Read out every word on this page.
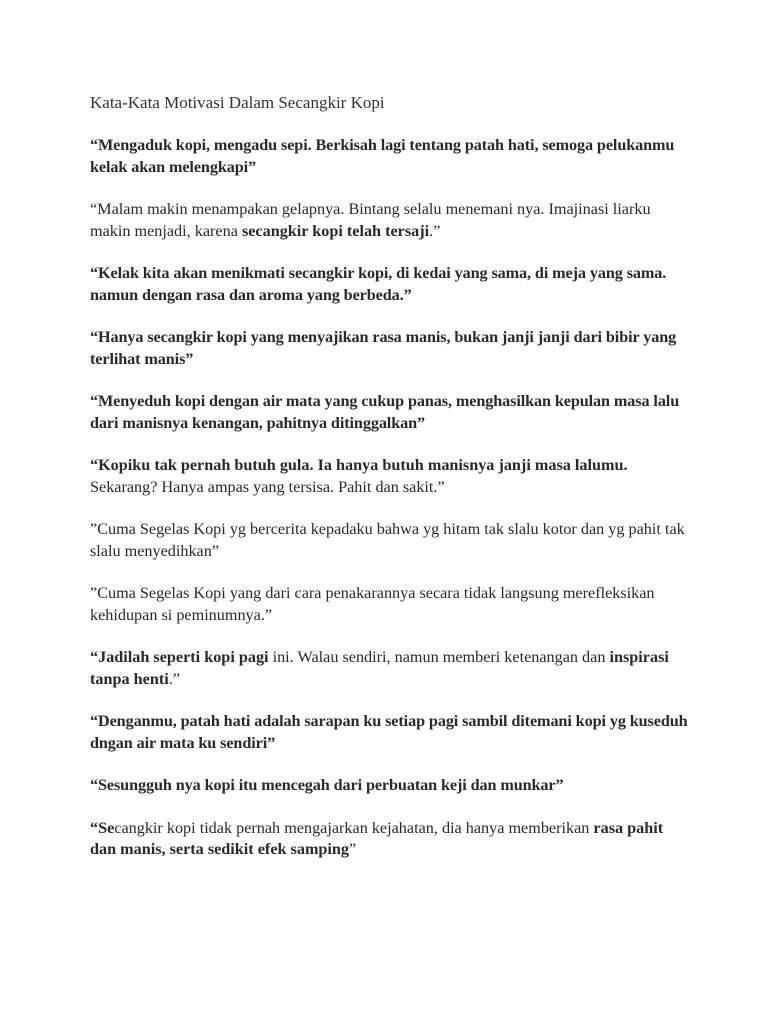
Kata-Kata Motivasi Dalam Secangkir Kopi

“Mengaduk kopi, mengadu sepi. Berkisah lagi tentang patah hati, semoga pelukanmu kelak akan melengkapi”

“Malam makin menampakan gelapnya. Bintang selalu menemani nya. Imajinasi liarku makin menjadi, karena secangkir kopi telah tersaji.”

“Kelak kita akan menikmati secangkir kopi, di kedai yang sama, di meja yang sama. namun dengan rasa dan aroma yang berbeda.”

“Hanya secangkir kopi yang menyajikan rasa manis, bukan janji janji dari bibir yang terlihat manis”

“Menyeduh kopi dengan air mata yang cukup panas, menghasilkan kepulan masa lalu dari manisnya kenangan, pahitnya ditinggalkan”

“Kopiku tak pernah butuh gula. Ia hanya butuh manisnya janji masa lalumu. Sekarang? Hanya ampas yang tersisa. Pahit dan sakit.”

”Cuma Segelas Kopi yg bercerita kepadaku bahwa yg hitam tak slalu kotor dan yg pahit tak slalu menyedihkan”

”Cuma Segelas Kopi yang dari cara penakarannya secara tidak langsung merefleksikan kehidupan si peminumnya.”

“Jadilah seperti kopi pagi ini. Walau sendiri, namun memberi ketenangan dan inspirasi tanpa henti.”

“Denganmu, patah hati adalah sarapan ku setiap pagi sambil ditemani kopi yg kuseduh dngan air mata ku sendiri”

“Sesungguh nya kopi itu mencegah dari perbuatan keji dan munkar”

“Secangkir kopi tidak pernah mengajarkan kejahatan, dia hanya memberikan rasa pahit dan manis, serta sedikit efek samping”
